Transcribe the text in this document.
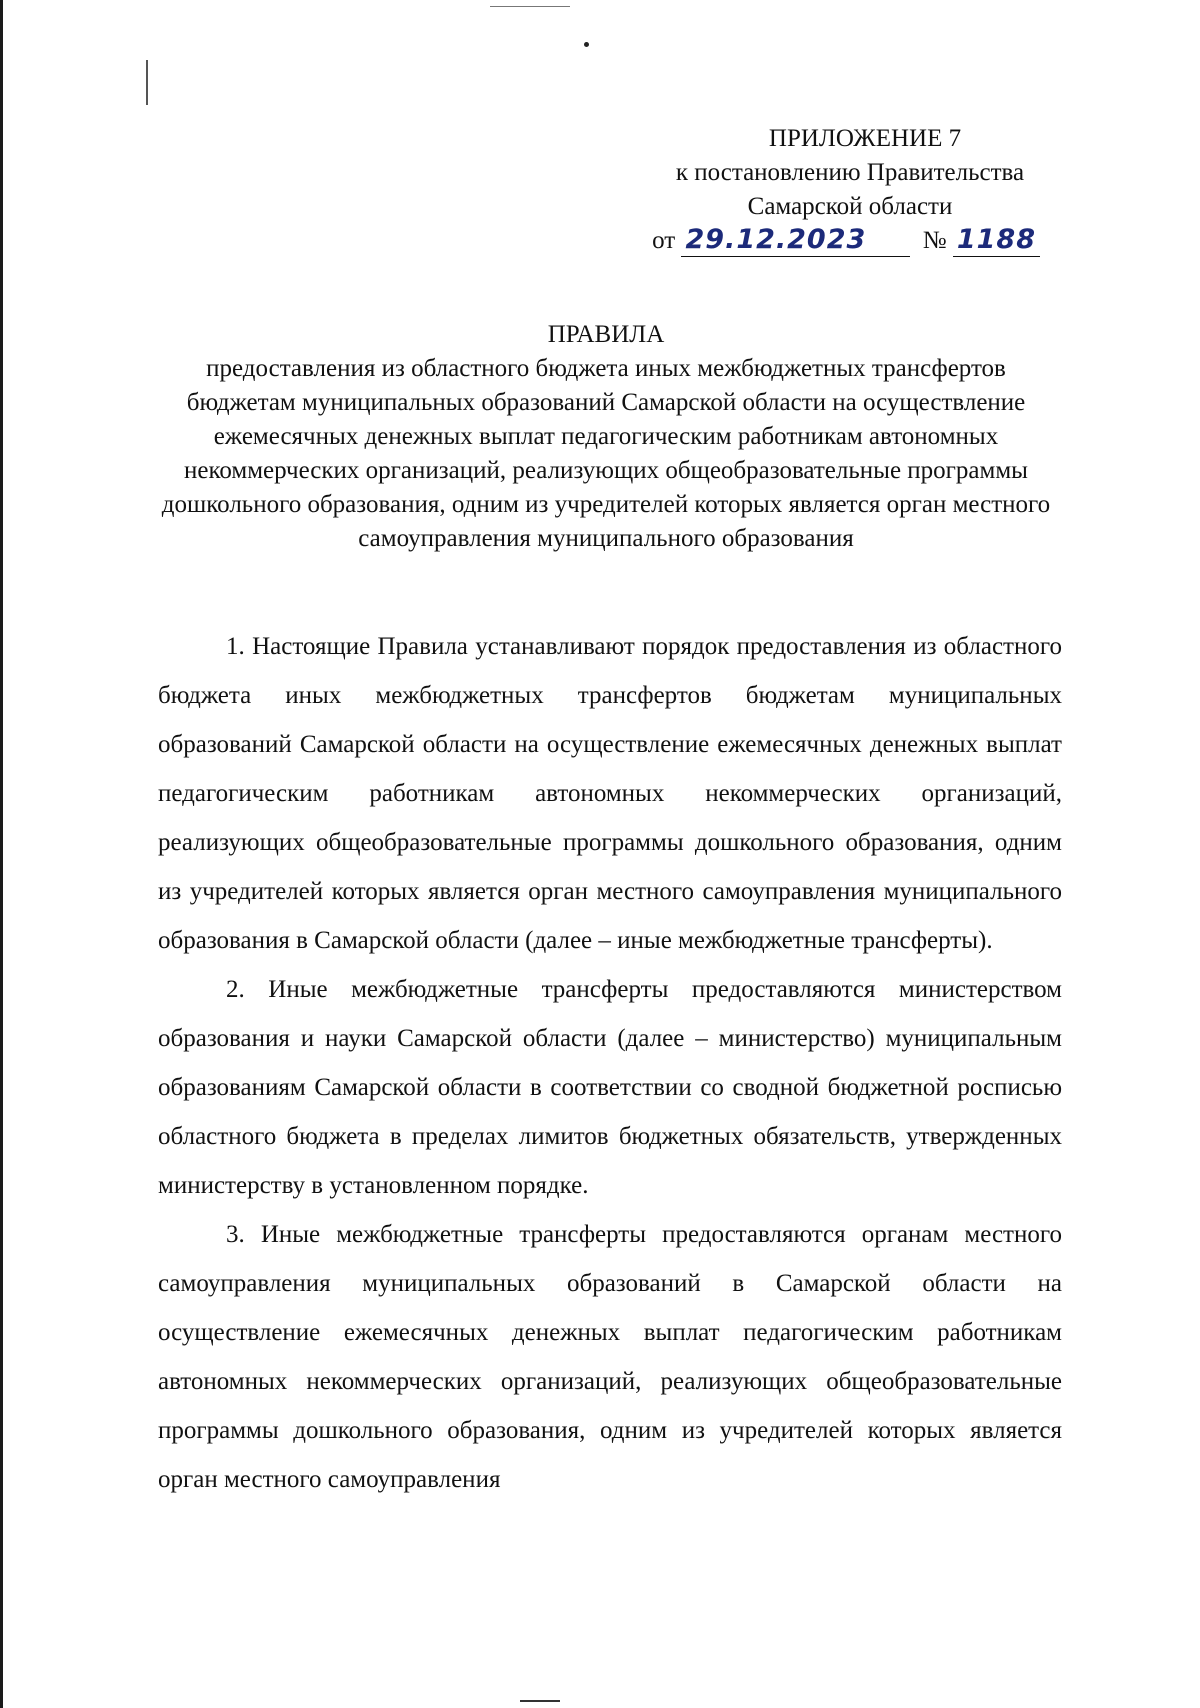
ПРИЛОЖЕНИЕ 7
к постановлению Правительства
Самарской области
от 29.12.2023 № 1188
ПРАВИЛА
предоставления из областного бюджета иных межбюджетных трансфертов бюджетам муниципальных образований Самарской области на осуществление ежемесячных денежных выплат педагогическим работникам автономных некоммерческих организаций, реализующих общеобразовательные программы дошкольного образования, одним из учредителей которых является орган местного самоуправления муниципального образования

1. Настоящие Правила устанавливают порядок предоставления из областного бюджета иных межбюджетных трансфертов бюджетам муниципальных образований Самарской области на осуществление ежемесячных денежных выплат педагогическим работникам автономных некоммерческих организаций, реализующих общеобразовательные программы дошкольного образования, одним из учредителей которых является орган местного самоуправления муниципального образования в Самарской области (далее – иные межбюджетные трансферты).

2. Иные межбюджетные трансферты предоставляются министерством образования и науки Самарской области (далее – министерство) муниципальным образованиям Самарской области в соответствии со сводной бюджетной росписью областного бюджета в пределах лимитов бюджетных обязательств, утвержденных министерству в установленном порядке.

3. Иные межбюджетные трансферты предоставляются органам местного самоуправления муниципальных образований в Самарской области на осуществление ежемесячных денежных выплат педагогическим работникам автономных некоммерческих организаций, реализующих общеобразовательные программы дошкольного образования, одним из учредителей которых является орган местного самоуправления
